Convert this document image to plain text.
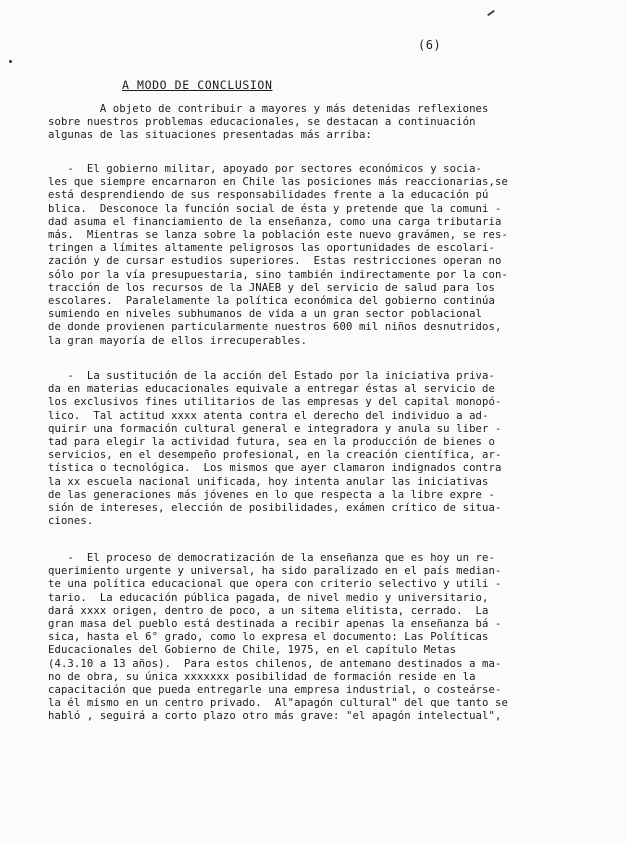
(6)
A MODO DE CONCLUSION
A objeto de contribuir a mayores y más detenidas reflexiones
sobre nuestros problemas educacionales, se destacan a continuación
algunas de las situaciones presentadas más arriba:
-  El gobierno militar, apoyado por sectores económicos y socia-
les que siempre encarnaron en Chile las posiciones más reaccionarias,se
está desprendiendo de sus responsabilidades frente a la educación pú
blica.  Desconoce la función social de ésta y pretende que la comuni -
dad asuma el financiamiento de la enseñanza, como una carga tributaria
más.  Mientras se lanza sobre la población este nuevo gravámen, se res-
tringen a límites altamente peligrosos las oportunidades de escolari-
zación y de cursar estudios superiores.  Estas restricciones operan no
sólo por la vía presupuestaria, sino también indirectamente por la con-
tracción de los recursos de la JNAEB y del servicio de salud para los
escolares.  Paralelamente la política económica del gobierno continúa
sumiendo en niveles subhumanos de vida a un gran sector poblacional
de donde provienen particularmente nuestros 600 mil niños desnutridos,
la gran mayoría de ellos irrecuperables.
-  La sustitución de la acción del Estado por la iniciativa priva-
da en materias educacionales equivale a entregar éstas al servicio de
los exclusivos fines utilitarios de las empresas y del capital monopó-
lico.  Tal actitud xxxx atenta contra el derecho del individuo a ad-
quirir una formación cultural general e integradora y anula su liber -
tad para elegir la actividad futura, sea en la producción de bienes o
servicios, en el desempeño profesional, en la creación científica, ar-
tística o tecnológica.  Los mismos que ayer clamaron indignados contra
la xx escuela nacional unificada, hoy intenta anular las iniciativas
de las generaciones más jóvenes en lo que respecta a la libre expre -
sión de intereses, elección de posibilidades, exámen crítico de situa-
ciones.
-  El proceso de democratización de la enseñanza que es hoy un re-
querimiento urgente y universal, ha sido paralizado en el país median-
te una política educacional que opera con criterio selectivo y utili -
tario.  La educación pública pagada, de nivel medio y universitario,
dará xxxx origen, dentro de poco, a un sitema elitista, cerrado.  La
gran masa del pueblo está destinada a recibir apenas la enseñanza bá -
sica, hasta el 6° grado, como lo expresa el documento: Las Políticas
Educacionales del Gobierno de Chile, 1975, en el capítulo Metas
(4.3.10 a 13 años).  Para estos chilenos, de antemano destinados a ma-
no de obra, su única xxxxxxx posibilidad de formación reside en la
capacitación que pueda entregarle una empresa industrial, o costeárse-
la él mismo en un centro privado.  Al"apagón cultural" del que tanto se
habló , seguirá a corto plazo otro más grave: "el apagón intelectual",
